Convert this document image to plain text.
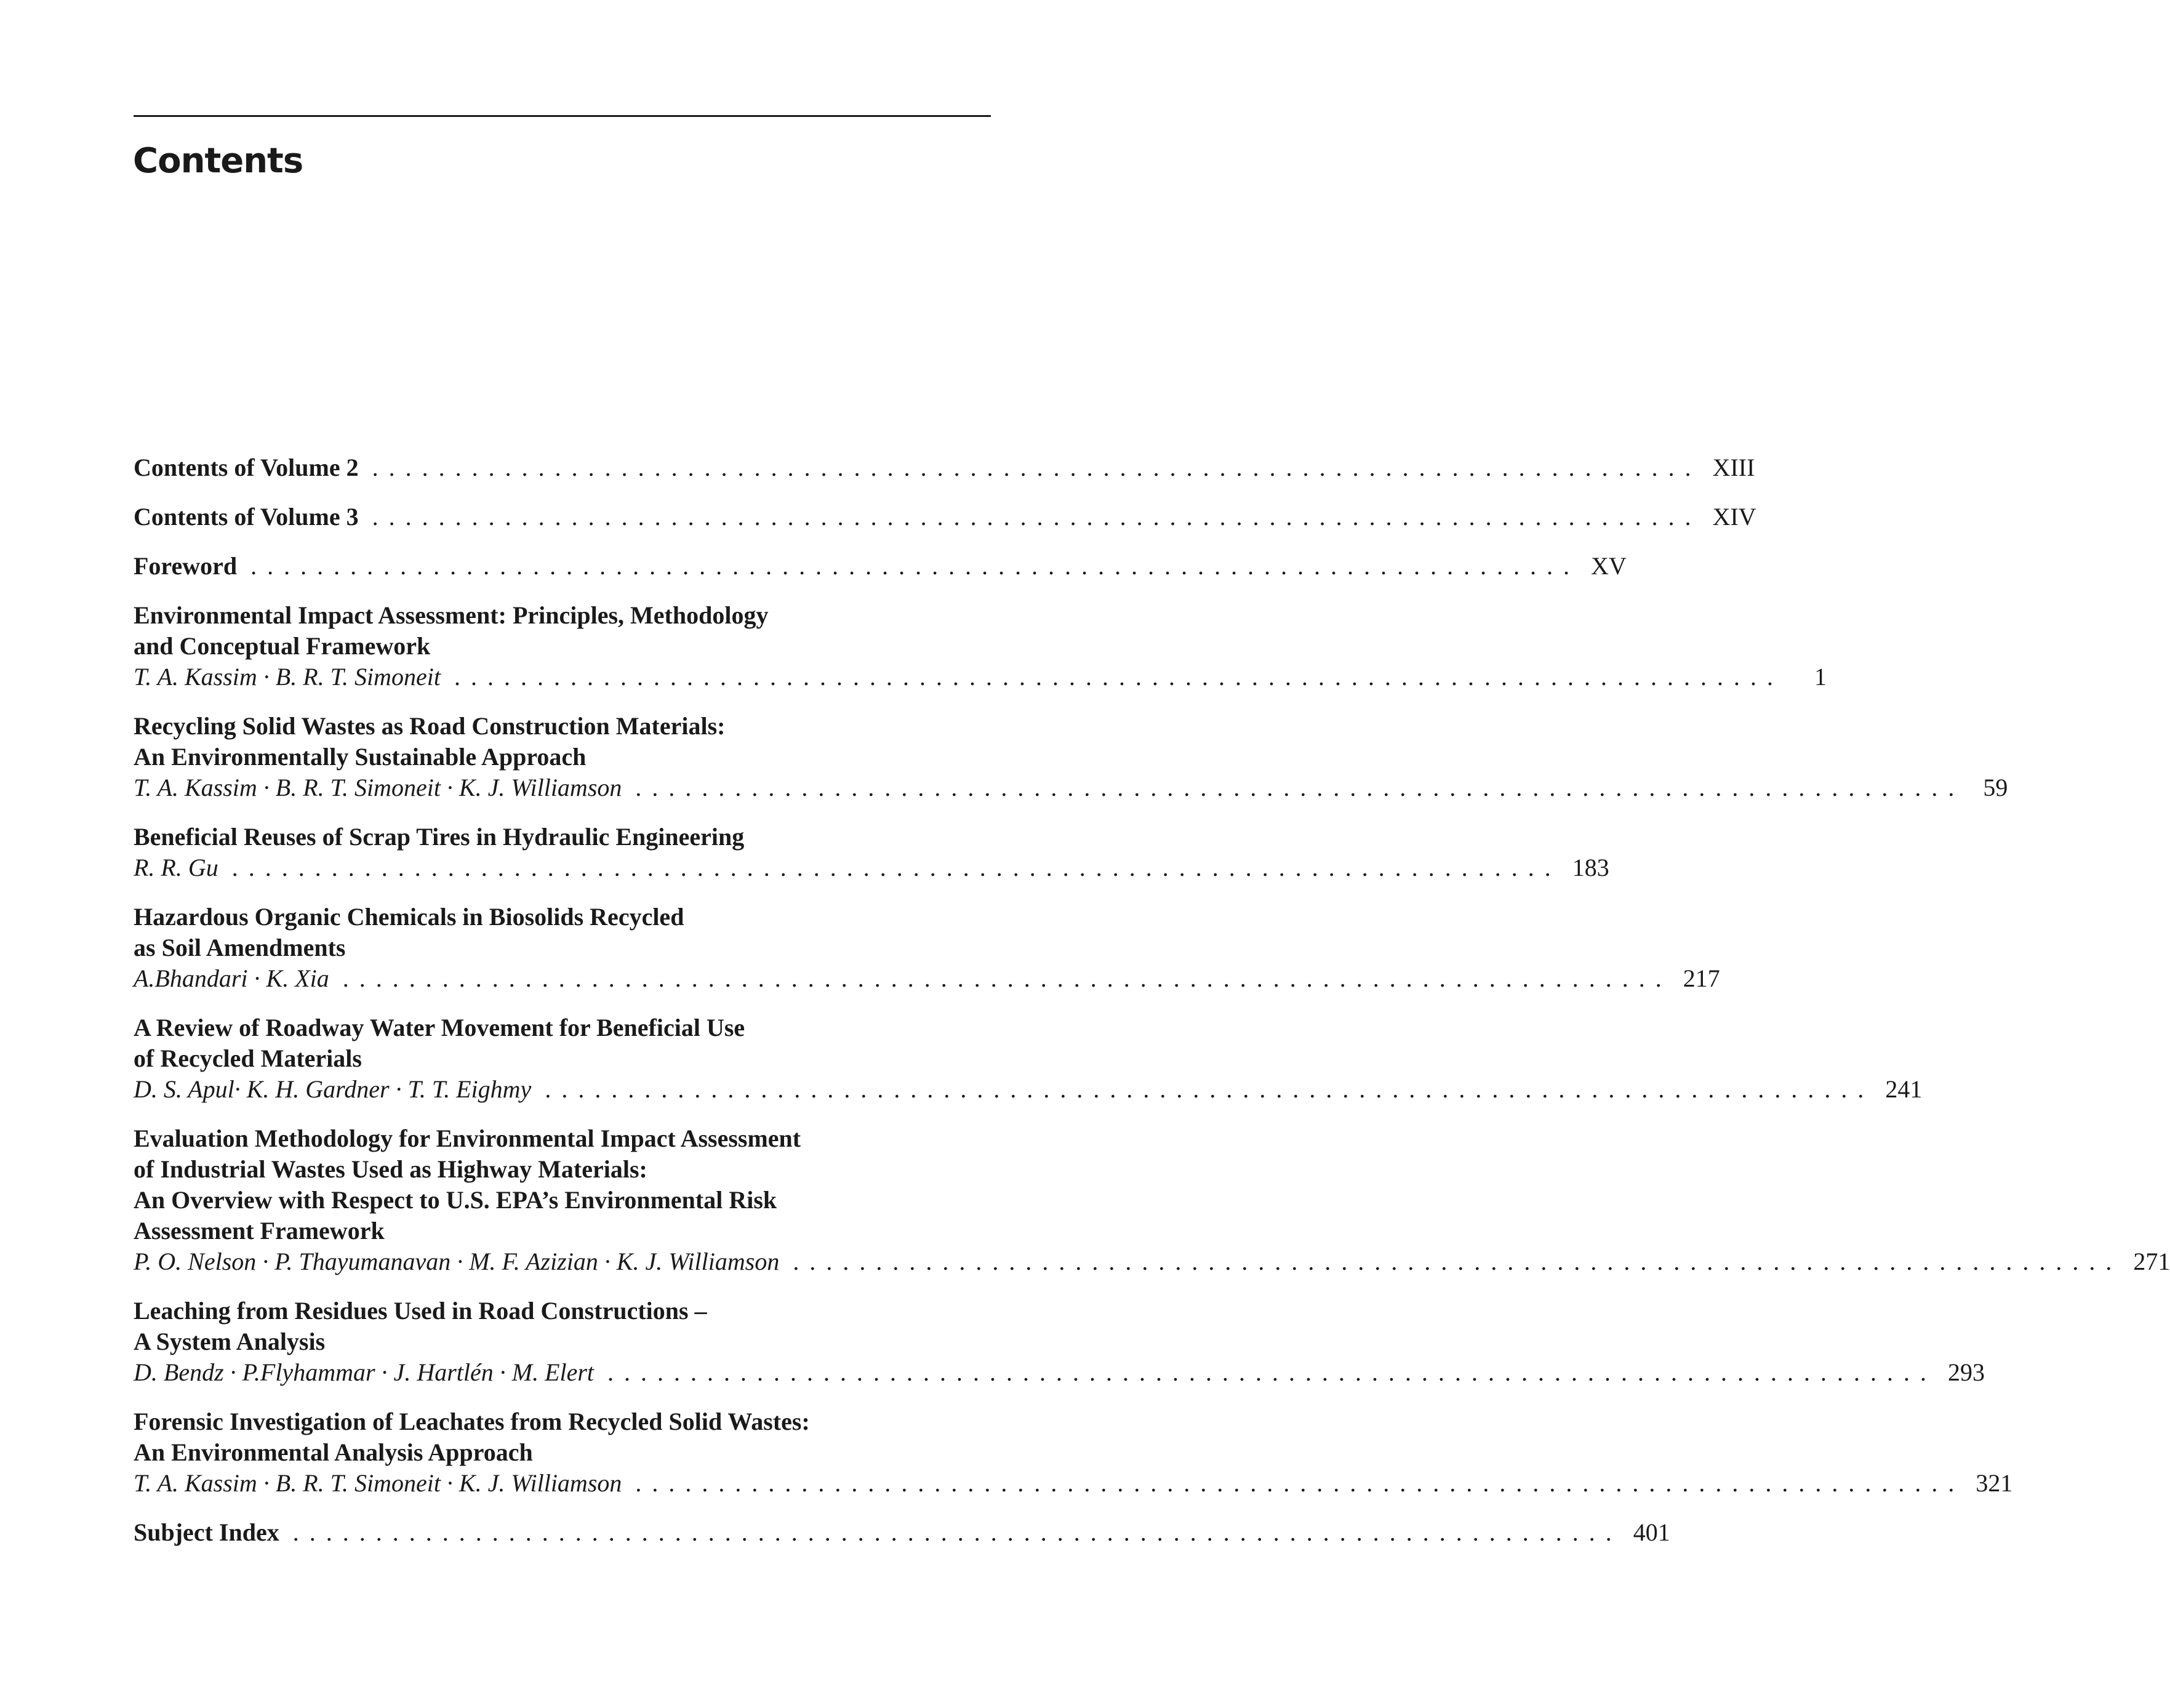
Contents
Contents of Volume 2 ................................................................................ XIII
Contents of Volume 3 ................................................................................ XIV
Foreword ................................................................................ XV
Environmental Impact Assessment: Principles, Methodology
and Conceptual Framework
T. A. Kassim · B. R. T. Simoneit ................................................................................	1
Recycling Solid Wastes as Road Construction Materials:
An Environmentally Sustainable Approach
T. A. Kassim · B. R. T. Simoneit · K. J. Williamson ................................................................................ 59
Beneficial Reuses of Scrap Tires in Hydraulic Engineering
R. R. Gu ................................................................................ 183
Hazardous Organic Chemicals in Biosolids Recycled
as Soil Amendments
A.Bhandari · K. Xia ................................................................................ 217
A Review of Roadway Water Movement for Beneficial Use
of Recycled Materials
D. S. Apul· K. H. Gardner · T. T. Eighmy ................................................................................ 241
Evaluation Methodology for Environmental Impact Assessment
of Industrial Wastes Used as Highway Materials:
An Overview with Respect to U.S. EPA’s Environmental Risk
Assessment Framework
P. O. Nelson · P. Thayumanavan · M. F. Azizian · K. J. Williamson ................................................................................ 271
Leaching from Residues Used in Road Constructions –
A System Analysis
D. Bendz · P.Flyhammar · J. Hartlén · M. Elert ................................................................................ 293
Forensic Investigation of Leachates from Recycled Solid Wastes:
An Environmental Analysis Approach
T. A. Kassim · B. R. T. Simoneit · K. J. Williamson ................................................................................ 321
Subject Index ................................................................................ 401
